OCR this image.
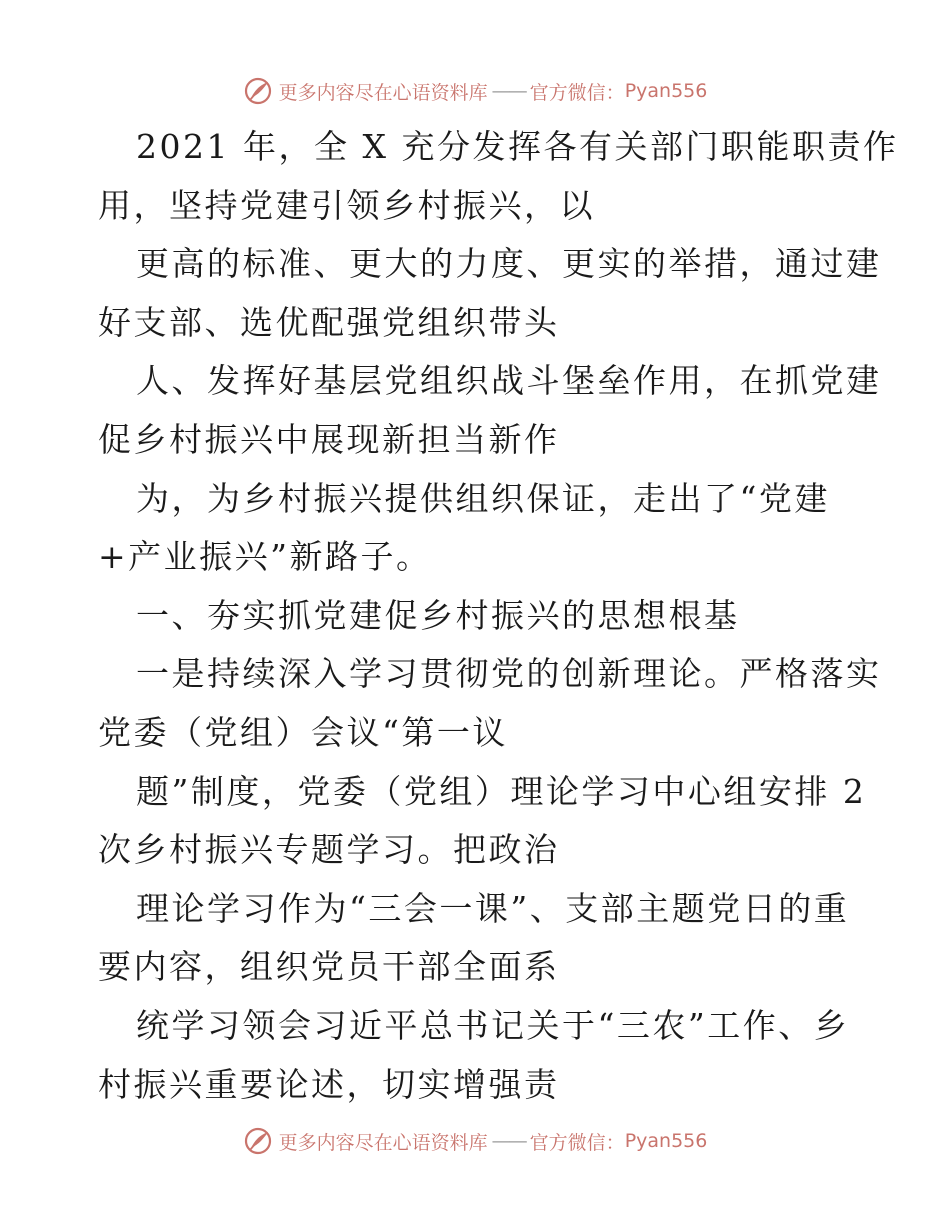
更多内容尽在心语资料库 —— 官方微信： Pyan556
2021 年，全 X 充分发挥各有关部门职能职责作
用，坚持党建引领乡村振兴，以
更高的标准、更大的力度、更实的举措，通过建
好支部、选优配强党组织带头
人、发挥好基层党组织战斗堡垒作用，在抓党建
促乡村振兴中展现新担当新作
为，为乡村振兴提供组织保证，走出了“党建
+产业振兴”新路子。
一、夯实抓党建促乡村振兴的思想根基
一是持续深入学习贯彻党的创新理论。严格落实
党委（党组）会议“第一议
题”制度，党委（党组）理论学习中心组安排 2
次乡村振兴专题学习。把政治
理论学习作为“三会一课”、支部主题党日的重
要内容，组织党员干部全面系
统学习领会习近平总书记关于“三农”工作、乡
村振兴重要论述，切实增强责
更多内容尽在心语资料库 —— 官方微信： Pyan556
